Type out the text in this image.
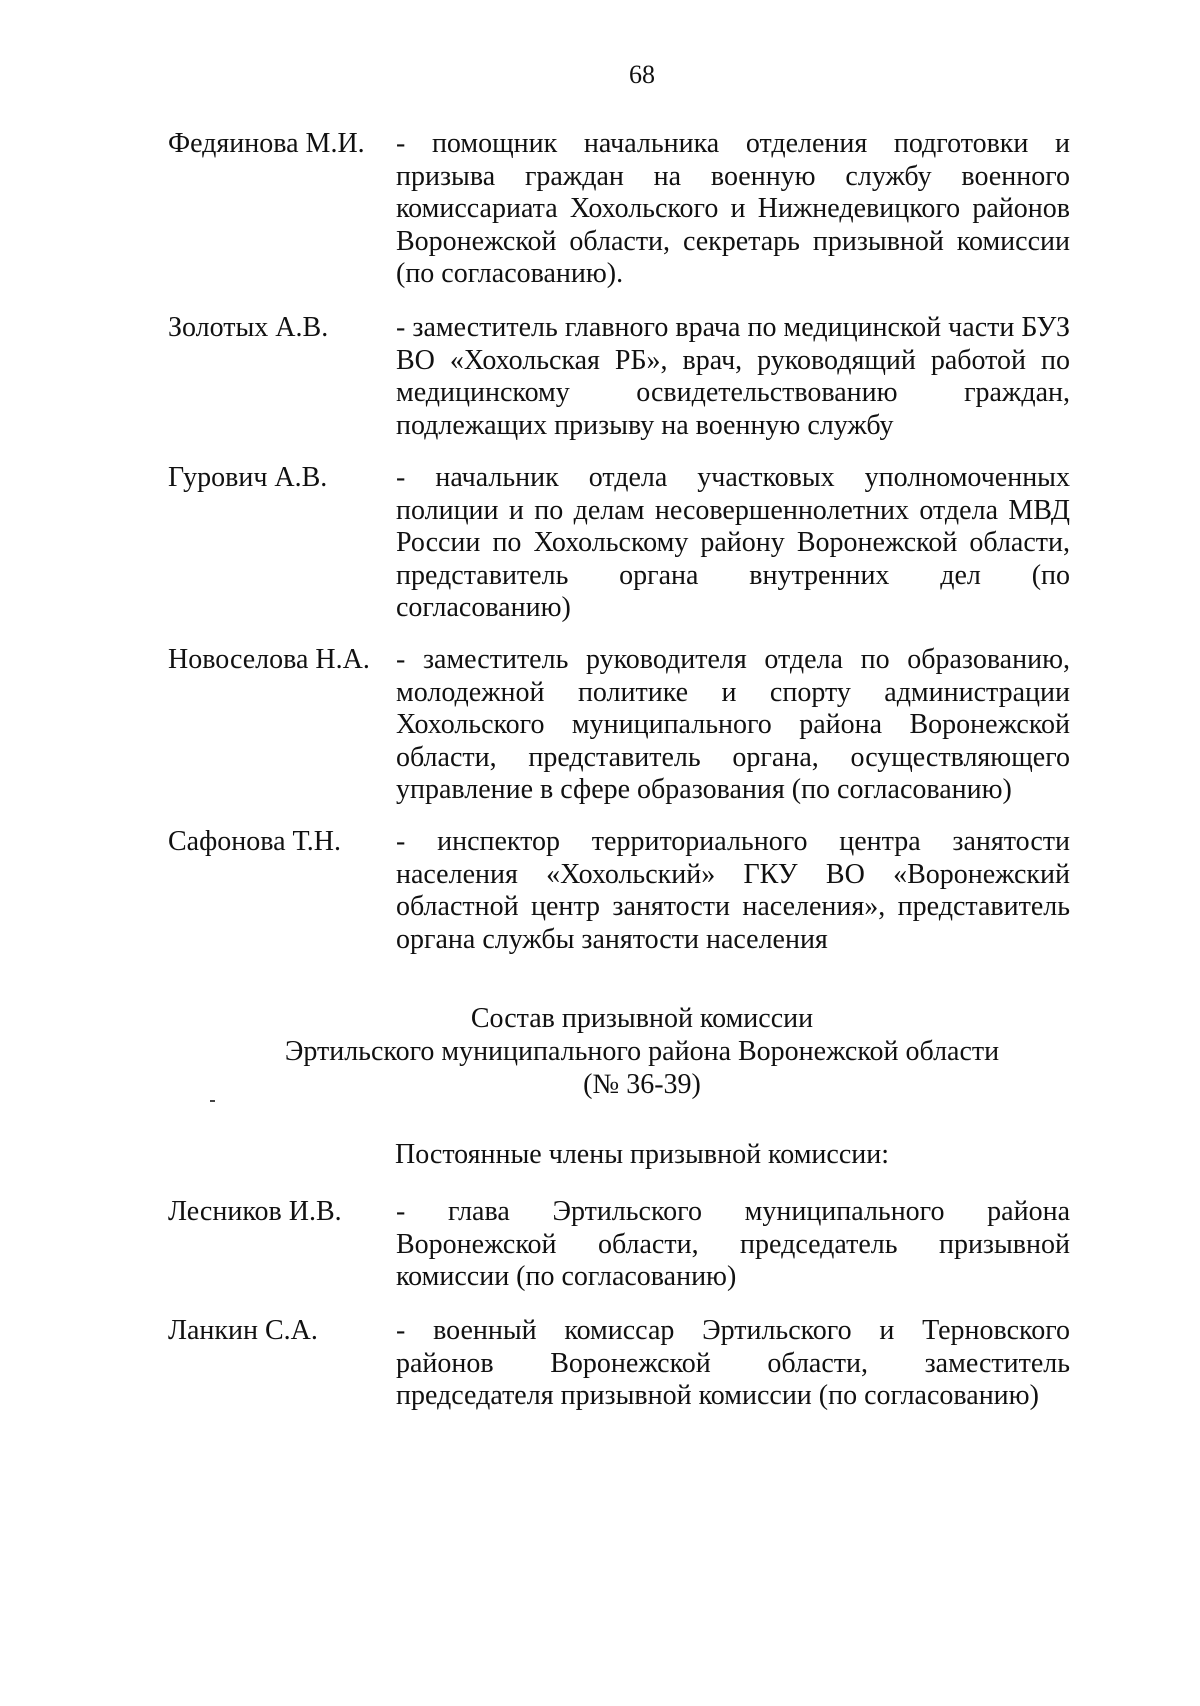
68
Федяинова М.И. - помощник начальника отделения подготовки и призыва граждан на военную службу военного комиссариата Хохольского и Нижнедевицкого районов Воронежской области, секретарь призывной комиссии (по согласованию).

Золотых А.В. - заместитель главного врача по медицинской части БУЗ ВО «Хохольская РБ», врач, руководящий работой по медицинскому освидетельствованию граждан, подлежащих призыву на военную службу

Гурович А.В. - начальник отдела участковых уполномоченных полиции и по делам несовершеннолетних отдела МВД России по Хохольскому району Воронежской области, представитель органа внутренних дел (по согласованию)

Новоселова Н.А. - заместитель руководителя отдела по образованию, молодежной политике и спорту администрации Хохольского муниципального района Воронежской области, представитель органа, осуществляющего управление в сфере образования (по согласованию)

Сафонова Т.Н. - инспектор территориального центра занятости населения «Хохольский» ГКУ ВО «Воронежский областной центр занятости населения», представитель органа службы занятости населения

Состав призывной комиссии
Эртильского муниципального района Воронежской области
(№ 36-39)
Постоянные члены призывной комиссии:
Лесников И.В. - глава Эртильского муниципального района Воронежской области, председатель призывной комиссии (по согласованию)

Ланкин С.А.	- военный комиссар Эртильского и Терновского районов Воронежской области, заместитель председателя призывной комиссии (по согласованию)
